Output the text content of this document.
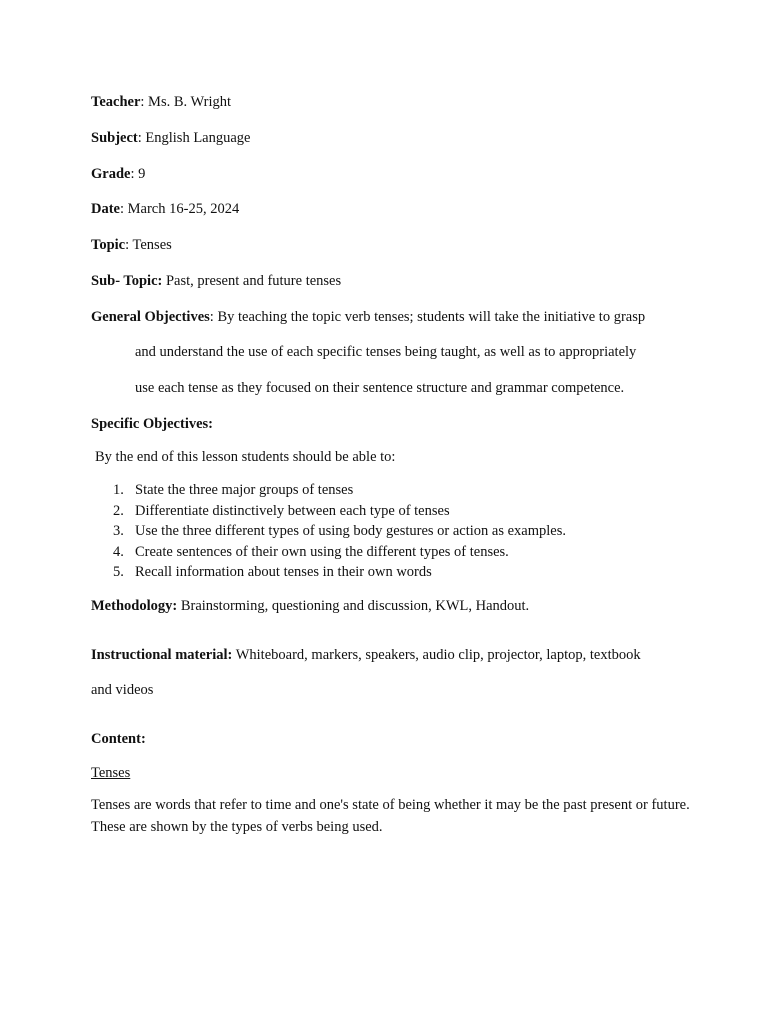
Teacher: Ms. B. Wright
Subject: English Language
Grade: 9
Date: March 16-25, 2024
Topic: Tenses
Sub- Topic: Past, present and future tenses
General Objectives: By teaching the topic verb tenses; students will take the initiative to grasp
and understand the use of each specific tenses being taught, as well as to appropriately
use each tense as they focused on their sentence structure and grammar competence.
Specific Objectives:
By the end of this lesson students should be able to:
1. State the three major groups of tenses
2. Differentiate distinctively between each type of tenses
3. Use the three different types of using body gestures or action as examples.
4. Create sentences of their own using the different types of tenses.
5. Recall information about tenses in their own words
Methodology: Brainstorming, questioning and discussion, KWL, Handout.
Instructional material: Whiteboard, markers, speakers, audio clip, projector, laptop, textbook
and videos
Content:
Tenses
Tenses are words that refer to time and one's state of being whether it may be the past present or future. These are shown by the types of verbs being used.
